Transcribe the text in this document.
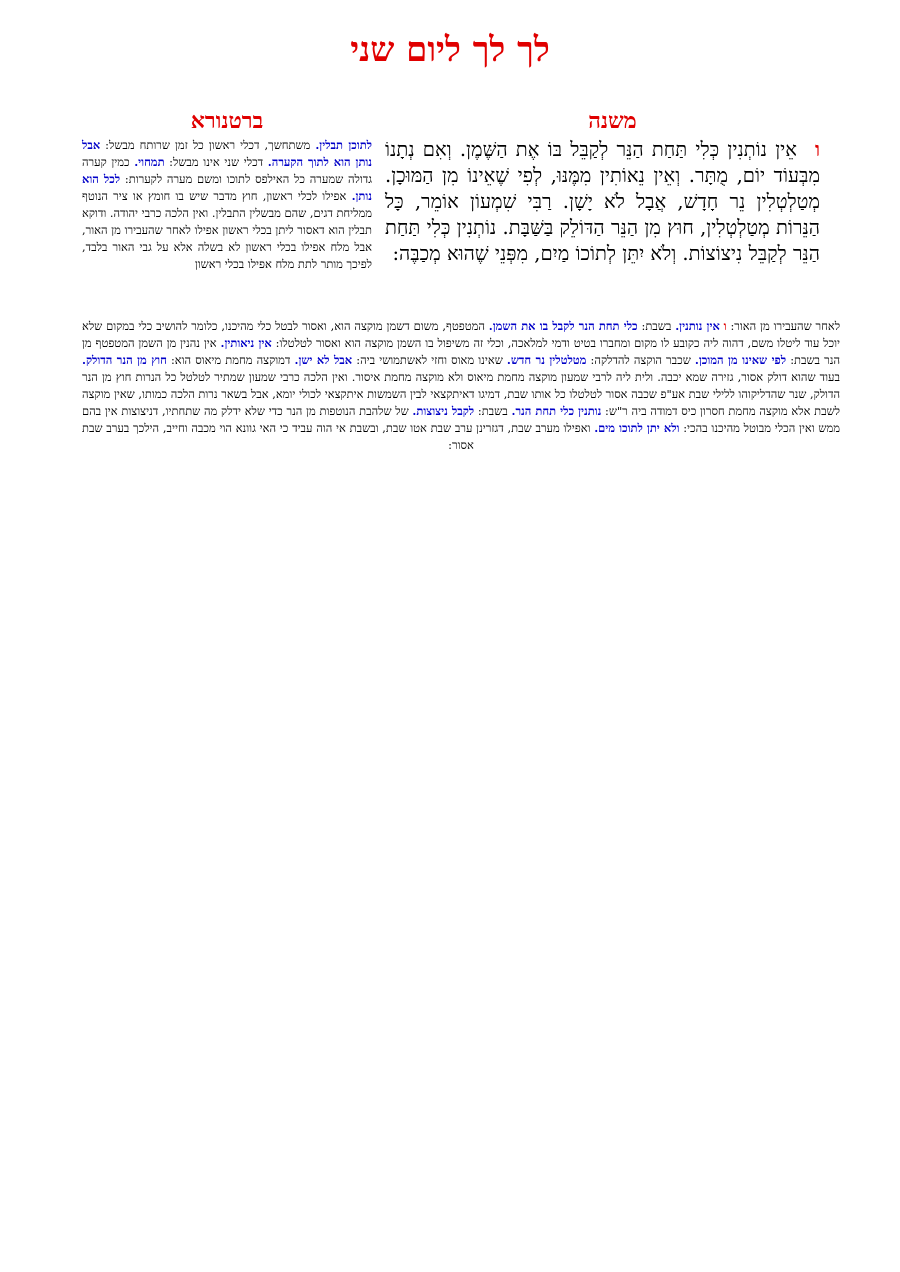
לך לך ליום שני
משנה
ברטנורא
ואֵין נוֹתְנִין כְּלִי תַּחַת הַנֵּר לְקַבֵּל בּוֹ אֶת הַשֶּׁמֶן. וְאִם נְתָנוֹ מִבְּעוֹד יוֹם, מֻתָּר. וְאֵין נֵאוֹתִין מִמֶּנּוּ, לְפִי שֶׁאֵינוֹ מִן הַמּוּכָן. מְטַלְטְלִין נֵר חָדָשׁ, אֲבָל לֹא יָשָׁן. רַבִּי שִׁמְעוֹן אוֹמֵר, כָּל הַנֵּרוֹת מְטַלְטְלִין, חוּץ מִן הַנֵּר הַדּוֹלֵק בַּשַּׁבָּת. נוֹתְנִין כְּלִי תַּחַת הַנֵּר לְקַבֵּל נִיצוֹצוֹת. וְלֹא יִתֵּן לְתוֹכוֹ מַיִם, מִפְּנֵי שֶׁהוּא מְכַבֶּה:
לתוכן תבלין. משתחשך, דכלי ראשון כל זמן שרותח מבשל: אבל נותן הוא לתוך הקערה. דכלי שני אינו מבשל: תמחוי. כמין קערה גדולה שמערה כל האילפס לתוכו ומשם מערה לקערות: לכל הוא נותן. אפילו לכלי ראשון, חוץ מדבר שיש בו חומץ או ציר הנוטף ממליחת דגים, שהם מבשלין התבלין. ואין הלכה כרבי יהודה. ודוקא תבלין הוא דאסור ליתן בכלי ראשון אפילו לאחר שהעבירו מן האור, אבל מלח אפילו בכלי ראשון לא בשלה אלא על גבי האור בלבד, לפיכך מותר לתת מלח אפילו בכלי ראשון
לאחר שהעבירו מן האור: ו אין נותנין. בשבת: כלי תחת הנר לקבל בו את השמן. המטפטף, משום דשמן מוקצה הוא, ואסור לבטל כלי מהיכנו, כלומר להושיב כלי במקום שלא יוכל עוד ליטלו משם, דהוה ליה כקובע לו מקום ומחברו בטיט ודמי למלאכה, וכלי זה משיפול בו השמן מוקצה הוא ואסור לטלטלו: אין ניאותין. אין נהנין מן השמן המטפטף מן הנר בשבת: לפי שאינו מן המוכן. שכבר הוקצה להדלקה: מטלטלין נר חדש. שאינו מאוס וחזי לאשתמושי ביה: אבל לא ישן. דמוקצה מחמת מיאוס הוא: חוץ מן הנר הדולק. בעוד שהוא דולק אסור, גזירה שמא יכבה. ולית ליה לרבי שמעון מוקצה מחמת מיאוס ולא מוקצה מחמת איסור. ואין הלכה כרבי שמעון שמתיר לטלטל כל הנרות חוץ מן הנר הדולק, שנר שהדליקוהו ללילי שבת אע"פ שכבה אסור לטלטלו כל אותו שבת, דמיגו דאיתקצאי לבין השמשות איתקצאי לכולי יומא, אבל בשאר נרות הלכה כמותו, שאין מוקצה לשבת אלא מוקצה מחמת חסרון כיס דמודה ביה ר"ש: נותנין כלי תחת הנר. בשבת: לקבל ניצוצות. של שלהבת הנוטפות מן הנר כדי שלא ידלק מה שתחתיו, דניצוצות אין בהם ממש ואין הכלי מבוטל מהיכנו בהכי: ולא יתן לתוכו מים. ואפילו מערב שבת, דגזרינן ערב שבת אטו שבת, ובשבת אי הוה עביד כי האי גוונא הוי מכבה וחייב, הילכך בערב שבת אסור:
